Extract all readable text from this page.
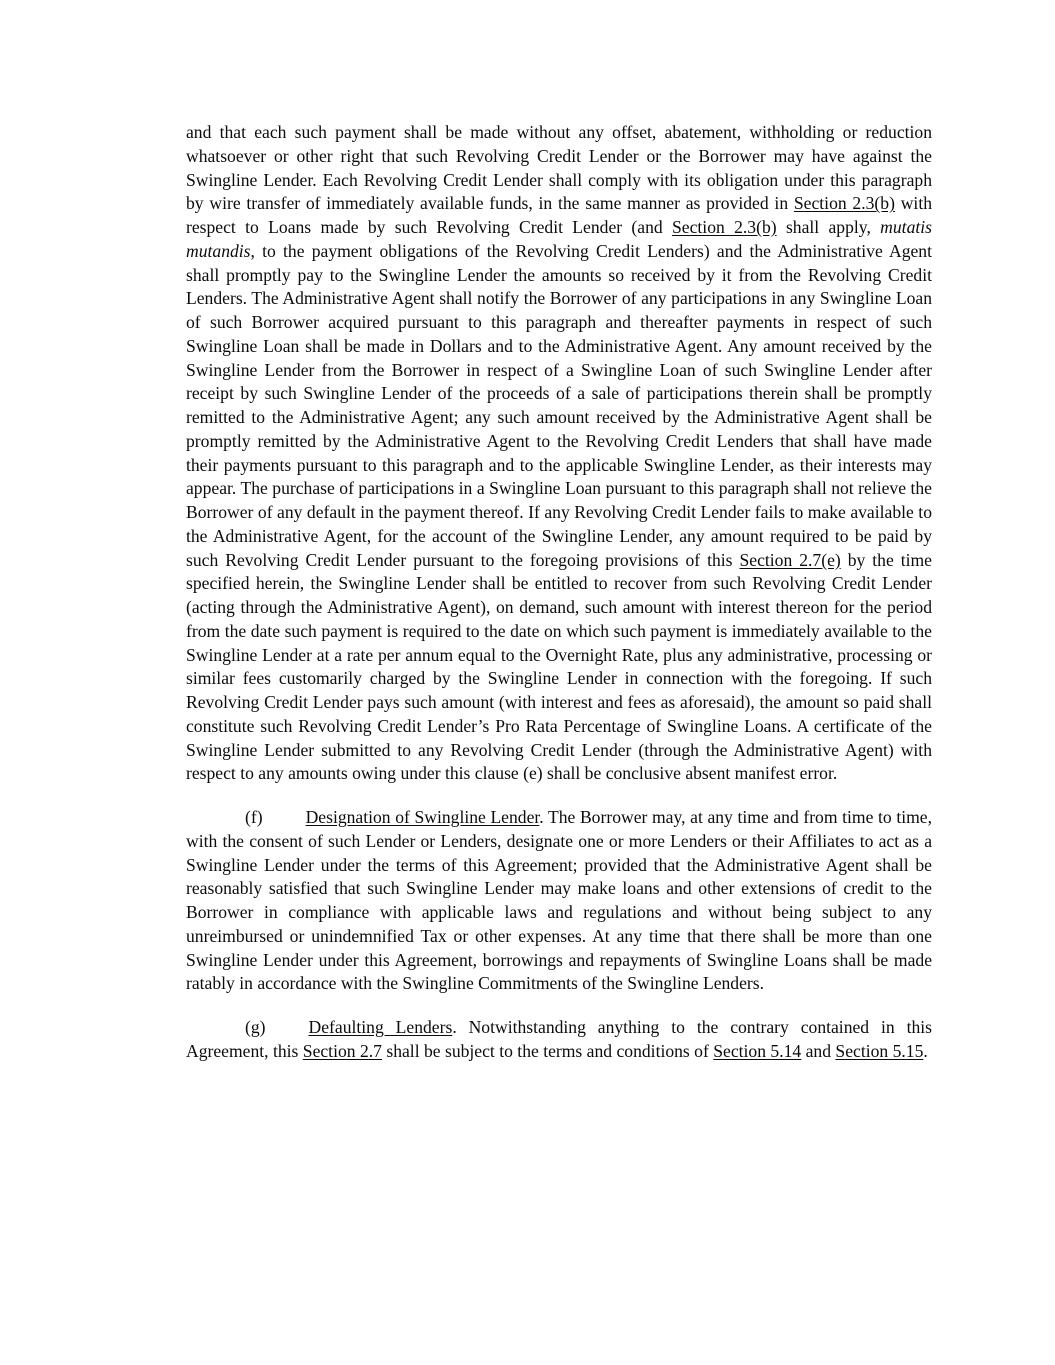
and that each such payment shall be made without any offset, abatement, withholding or reduction whatsoever or other right that such Revolving Credit Lender or the Borrower may have against the Swingline Lender. Each Revolving Credit Lender shall comply with its obligation under this paragraph by wire transfer of immediately available funds, in the same manner as provided in Section 2.3(b) with respect to Loans made by such Revolving Credit Lender (and Section 2.3(b) shall apply, mutatis mutandis, to the payment obligations of the Revolving Credit Lenders) and the Administrative Agent shall promptly pay to the Swingline Lender the amounts so received by it from the Revolving Credit Lenders. The Administrative Agent shall notify the Borrower of any participations in any Swingline Loan of such Borrower acquired pursuant to this paragraph and thereafter payments in respect of such Swingline Loan shall be made in Dollars and to the Administrative Agent. Any amount received by the Swingline Lender from the Borrower in respect of a Swingline Loan of such Swingline Lender after receipt by such Swingline Lender of the proceeds of a sale of participations therein shall be promptly remitted to the Administrative Agent; any such amount received by the Administrative Agent shall be promptly remitted by the Administrative Agent to the Revolving Credit Lenders that shall have made their payments pursuant to this paragraph and to the applicable Swingline Lender, as their interests may appear. The purchase of participations in a Swingline Loan pursuant to this paragraph shall not relieve the Borrower of any default in the payment thereof. If any Revolving Credit Lender fails to make available to the Administrative Agent, for the account of the Swingline Lender, any amount required to be paid by such Revolving Credit Lender pursuant to the foregoing provisions of this Section 2.7(e) by the time specified herein, the Swingline Lender shall be entitled to recover from such Revolving Credit Lender (acting through the Administrative Agent), on demand, such amount with interest thereon for the period from the date such payment is required to the date on which such payment is immediately available to the Swingline Lender at a rate per annum equal to the Overnight Rate, plus any administrative, processing or similar fees customarily charged by the Swingline Lender in connection with the foregoing. If such Revolving Credit Lender pays such amount (with interest and fees as aforesaid), the amount so paid shall constitute such Revolving Credit Lender’s Pro Rata Percentage of Swingline Loans. A certificate of the Swingline Lender submitted to any Revolving Credit Lender (through the Administrative Agent) with respect to any amounts owing under this clause (e) shall be conclusive absent manifest error.

(f) Designation of Swingline Lender. The Borrower may, at any time and from time to time, with the consent of such Lender or Lenders, designate one or more Lenders or their Affiliates to act as a Swingline Lender under the terms of this Agreement; provided that the Administrative Agent shall be reasonably satisfied that such Swingline Lender may make loans and other extensions of credit to the Borrower in compliance with applicable laws and regulations and without being subject to any unreimbursed or unindemnified Tax or other expenses. At any time that there shall be more than one Swingline Lender under this Agreement, borrowings and repayments of Swingline Loans shall be made ratably in accordance with the Swingline Commitments of the Swingline Lenders.

(g) Defaulting Lenders. Notwithstanding anything to the contrary contained in this Agreement, this Section 2.7 shall be subject to the terms and conditions of Section 5.14 and Section 5.15.
